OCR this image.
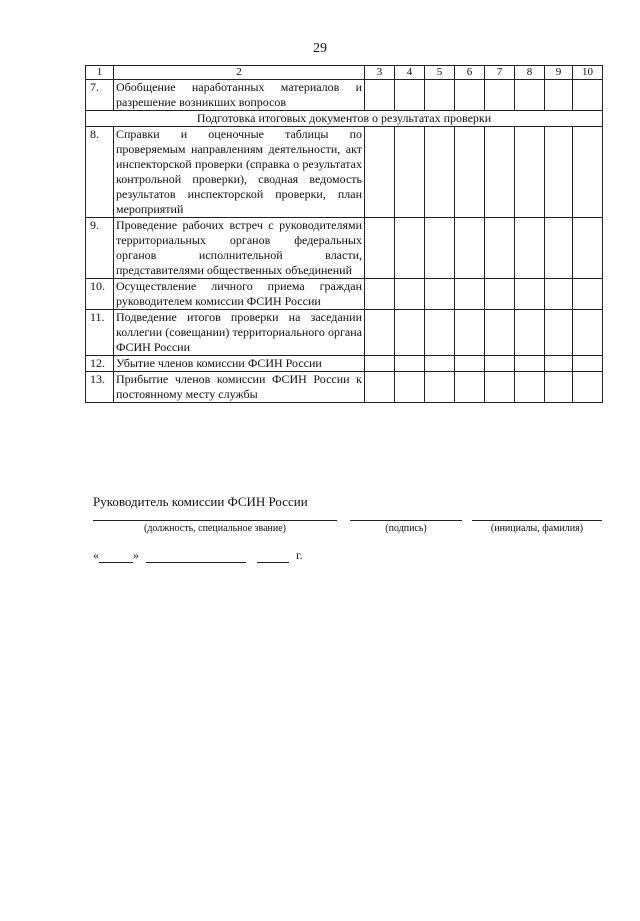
29
1	2	3	4	5	6	7	8	9	10
7.	Обобщение наработанных материалов и разрешение возникших вопросов								
Подготовка итоговых документов о результатах проверки									
8.	Справки и оценочные таблицы по проверяемым направлениям деятельности, акт инспекторской проверки (справка о результатах контрольной проверки), сводная ведомость результатов инспекторской проверки, план мероприятий								
9.	Проведение рабочих встреч с руководителями территориальных органов федеральных органов исполнительной власти, представителями общественных объединений								
10.	Осуществление личного приема граждан руководителем комиссии ФСИН России								
11.	Подведение итогов проверки на заседании коллегии (совещании) территориального органа ФСИН России								
12.	Убытие членов комиссии ФСИН России								
13.	Прибытие членов комиссии ФСИН России к постоянному месту службы								
Руководитель комиссии ФСИН России
(должность, специальное звание)	(подпись)	(инициалы, фамилия)
«	»	г.
